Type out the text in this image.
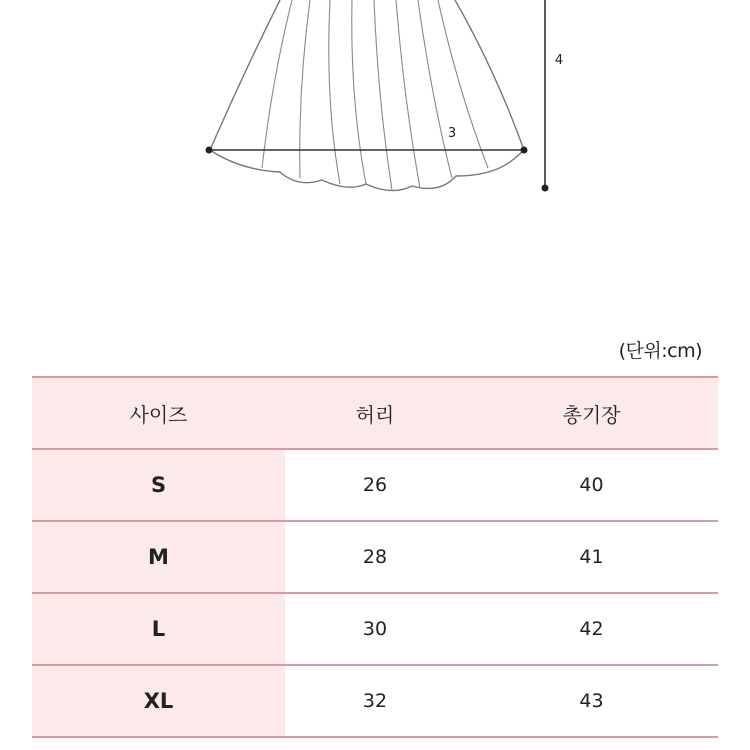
3
4
(단위:cm)
사이즈	허리	총기장
S	26	40
M	28	41
L	30	42
XL	32	43
